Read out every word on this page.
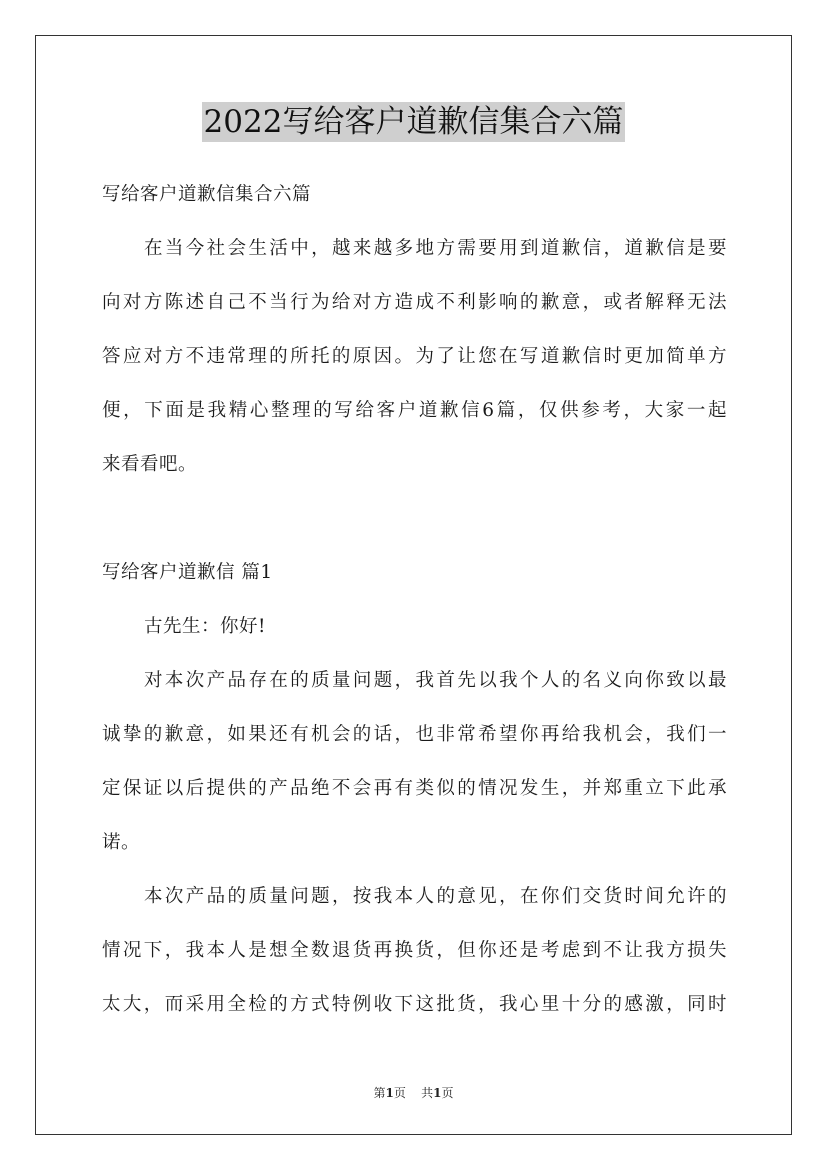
2022写给客户道歉信集合六篇
写给客户道歉信集合六篇
在当今社会生活中，越来越多地方需要用到道歉信，道歉信是要
向对方陈述自己不当行为给对方造成不利影响的歉意，或者解释无法
答应对方不违常理的所托的原因。为了让您在写道歉信时更加简单方
便，下面是我精心整理的写给客户道歉信6篇，仅供参考，大家一起
来看看吧。
写给客户道歉信 篇1
古先生：你好!
对本次产品存在的质量问题，我首先以我个人的名义向你致以最
诚挚的歉意，如果还有机会的话，也非常希望你再给我机会，我们一
定保证以后提供的产品绝不会再有类似的情况发生，并郑重立下此承
诺。
本次产品的质量问题，按我本人的意见，在你们交货时间允许的
情况下，我本人是想全数退货再换货，但你还是考虑到不让我方损失
太大，而采用全检的方式特例收下这批货，我心里十分的感激，同时
第1页 共1页
